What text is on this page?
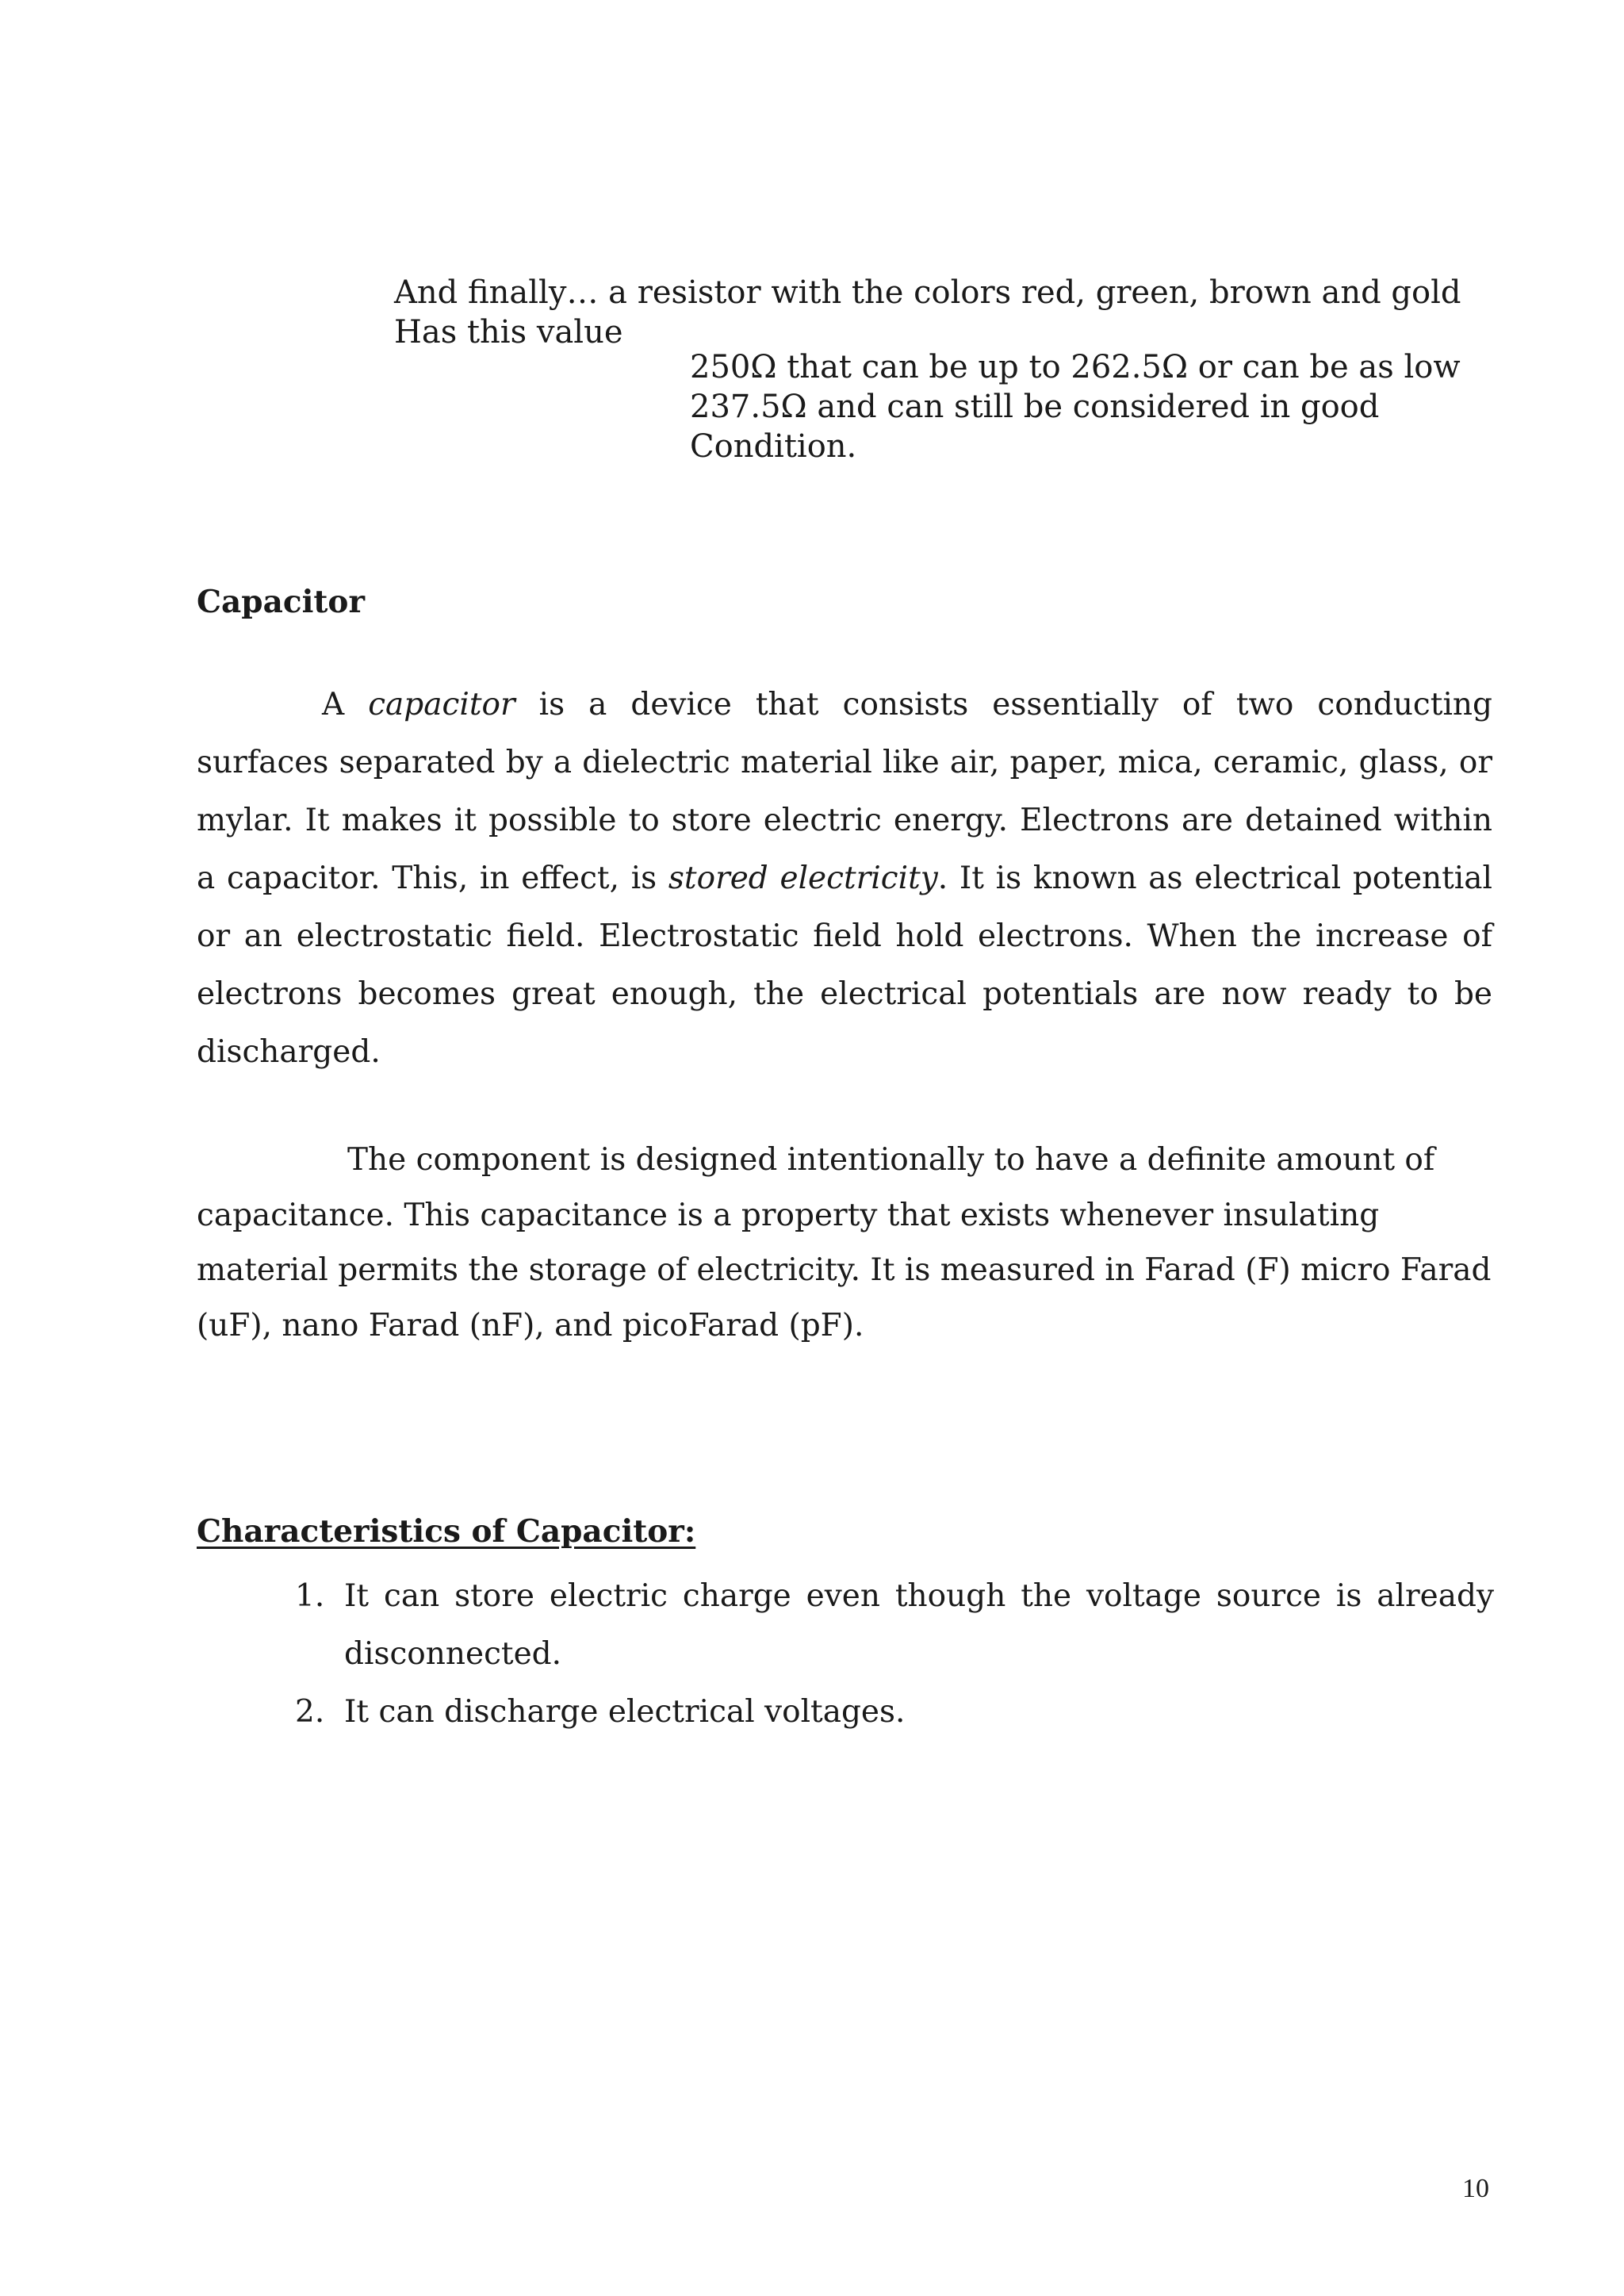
And finally… a resistor with the colors red, green, brown and gold
Has this value
250Ω that can be up to 262.5Ω or can be as low
237.5Ω and can still be considered in good
Condition.
Capacitor

A capacitor is a device that consists essentially of two conducting surfaces separated by a dielectric material like air, paper, mica, ceramic, glass, or mylar. It makes it possible to store electric energy. Electrons are detained within a capacitor. This, in effect, is stored electricity. It is known as electrical potential or an electrostatic field. Electrostatic field hold electrons. When the increase of electrons becomes great enough, the electrical potentials are now ready to be discharged.

The component is designed intentionally to have a definite amount of capacitance. This capacitance is a property that exists whenever insulating material permits the storage of electricity. It is measured in Farad (F) micro Farad (uF), nano Farad (nF), and picoFarad (pF).

Characteristics of Capacitor:
1. It can store electric charge even though the voltage source is already disconnected.
2. It can discharge electrical voltages.
10
